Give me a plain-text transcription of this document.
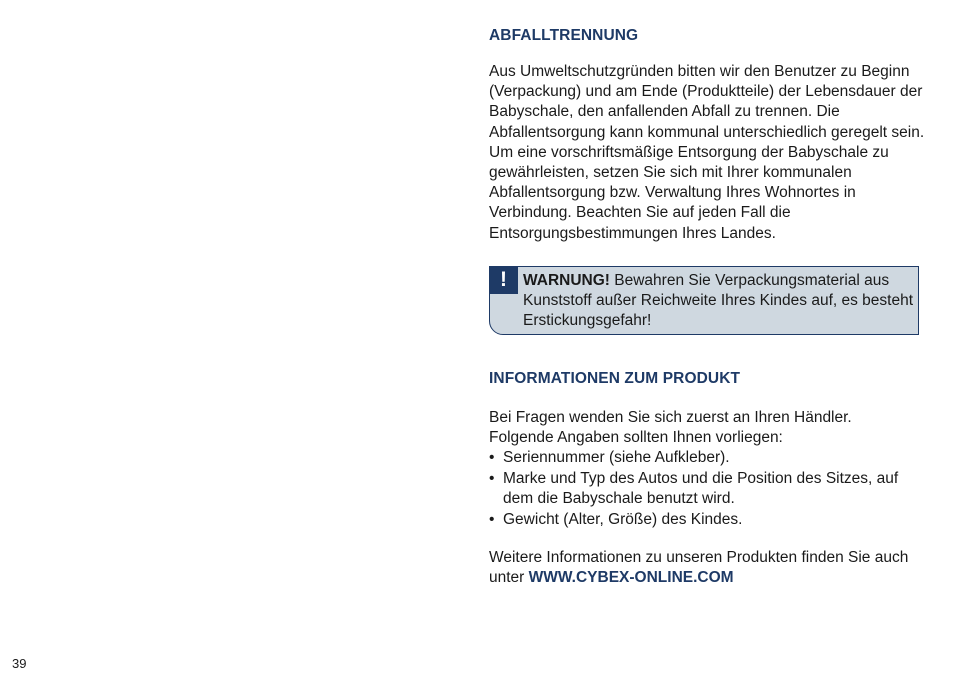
ABFALLTRENNUNG

Aus Umweltschutzgründen bitten wir den Benutzer zu Beginn (Verpackung) und am Ende (Produktteile) der Lebensdauer der Babyschale, den anfallenden Abfall zu trennen. Die Abfallentsorgung kann kommunal unterschiedlich geregelt sein. Um eine vorschriftsmäßige Entsorgung der Babyschale zu gewährleisten, setzen Sie sich mit Ihrer kommunalen Abfallentsorgung bzw. Verwaltung Ihres Wohnortes in Verbindung. Beachten Sie auf jeden Fall die Entsorgungsbestimmungen Ihres Landes.

!	WARNUNG! Bewahren Sie Verpackungsmaterial aus Kunststoff außer Reichweite Ihres Kindes auf, es besteht Erstickungsgefahr!
INFORMATIONEN ZUM PRODUKT

Bei Fragen wenden Sie sich zuerst an Ihren Händler.
Folgende Angaben sollten Ihnen vorliegen:

• Seriennummer (siehe Aufkleber).
• Marke und Typ des Autos und die Position des Sitzes, auf dem die Babyschale benutzt wird.
• Gewicht (Alter, Größe) des Kindes.

Weitere Informationen zu unseren Produkten finden Sie auch unter WWW.CYBEX-ONLINE.COM

39
